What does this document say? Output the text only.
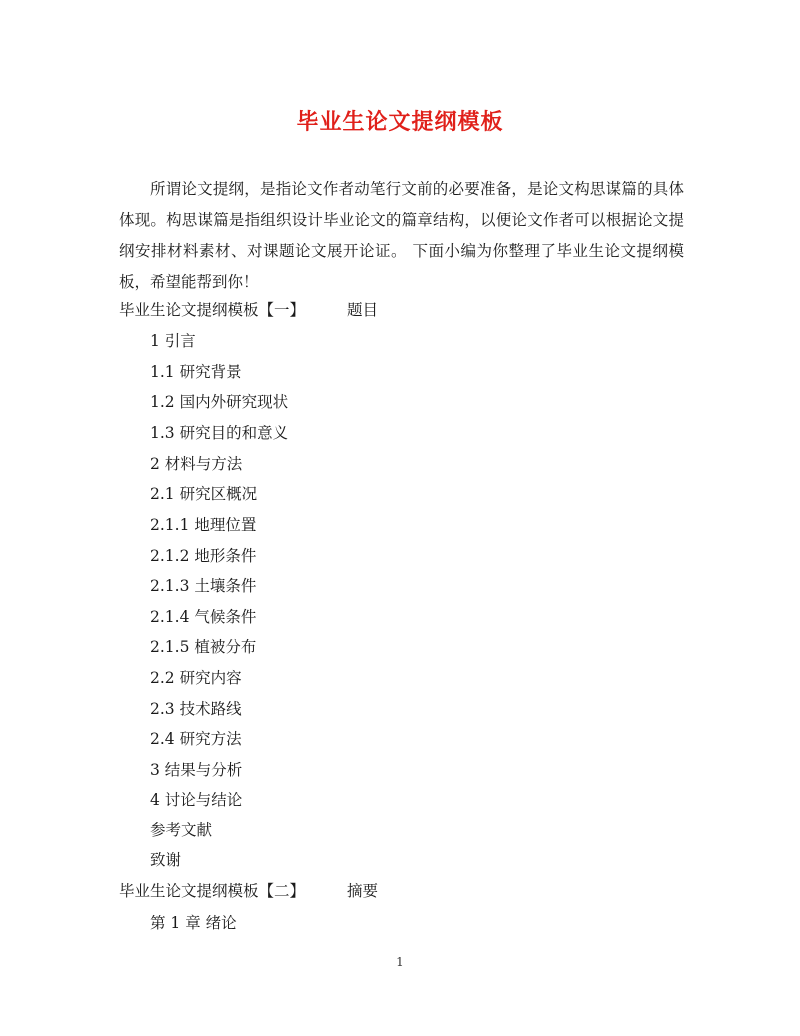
毕业生论文提纲模板

所谓论文提纲，是指论文作者动笔行文前的必要准备，是论文构思谋篇的具体体现。构思谋篇是指组织设计毕业论文的篇章结构，以便论文作者可以根据论文提纲安排材料素材、对课题论文展开论证。 下面小编为你整理了毕业生论文提纲模板，希望能帮到你！

毕业生论文提纲模板【一】	题目
1 引言
1.1 研究背景
1.2 国内外研究现状
1.3 研究目的和意义
2 材料与方法
2.1 研究区概况
2.1.1 地理位置
2.1.2 地形条件
2.1.3 土壤条件
2.1.4 气候条件
2.1.5 植被分布
2.2 研究内容
2.3 技术路线
2.4 研究方法
3 结果与分析
4 讨论与结论
参考文献
致谢
毕业生论文提纲模板【二】	摘要
第 1 章 绪论
1
